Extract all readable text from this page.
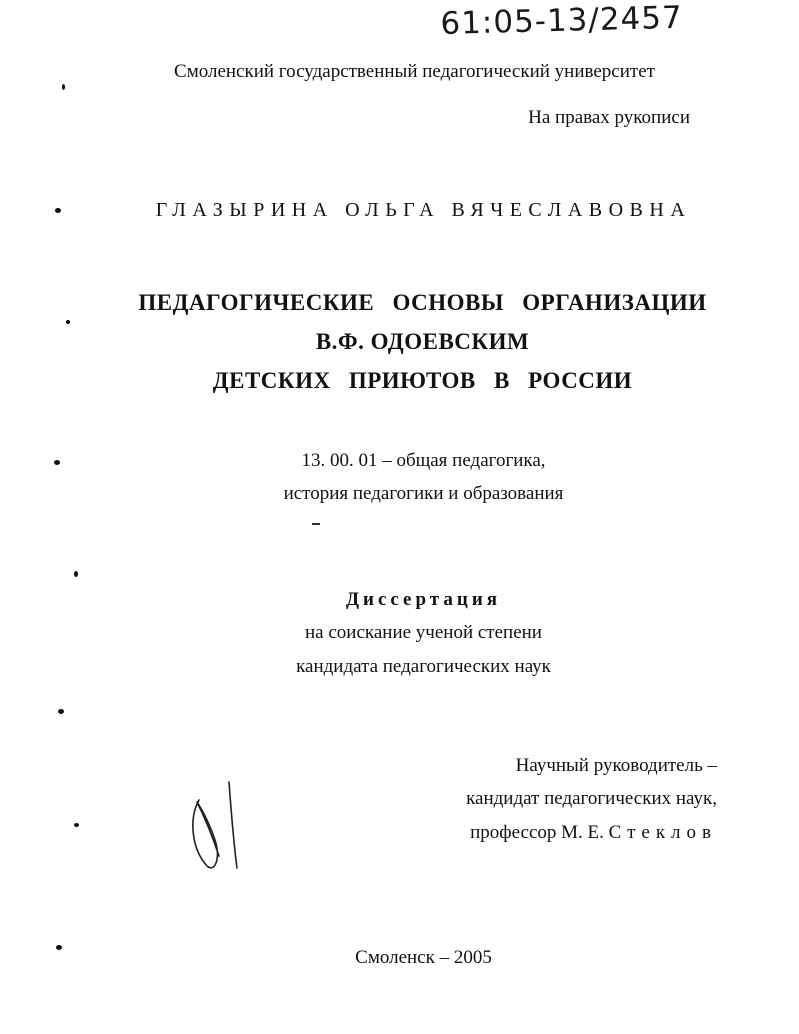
61:05-13/2457
Смоленский государственный педагогический университет
На правах рукописи
ГЛАЗЫРИНА ОЛЬГА ВЯЧЕСЛАВОВНА
ПЕДАГОГИЧЕСКИЕ ОСНОВЫ ОРГАНИЗАЦИИ
В.Ф. ОДОЕВСКИМ
ДЕТСКИХ ПРИЮТОВ В РОССИИ
13. 00. 01 – общая педагогика,
история педагогики и образования
Диссертация
на соискание ученой степени
кандидата педагогических наук
Научный руководитель –
кандидат педагогических наук,
профессор М. Е. Стеклов
Смоленск – 2005
